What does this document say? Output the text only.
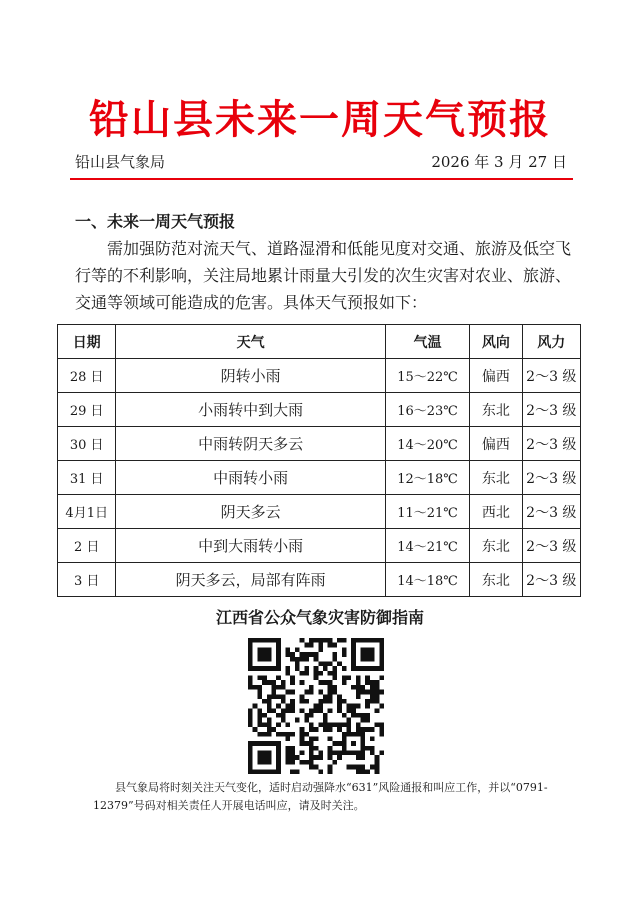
铅山县未来一周天气预报
铅山县气象局	2026 年 3 月 27 日
一、未来一周天气预报
需加强防范对流天气、道路湿滑和低能见度对交通、旅游及低空飞行等的不利影响，关注局地累计雨量大引发的次生灾害对农业、旅游、交通等领域可能造成的危害。具体天气预报如下：
日期	天气	气温	风向	风力
28 日	阴转小雨	15～22℃	偏西	2～3 级
29 日	小雨转中到大雨	16～23℃	东北	2～3 级
30 日	中雨转阴天多云	14～20℃	偏西	2～3 级
31 日	中雨转小雨	12～18℃	东北	2～3 级
4月1日	阴天多云	11～21℃	西北	2～3 级
2 日	中到大雨转小雨	14～21℃	东北	2～3 级
3 日	阴天多云，局部有阵雨	14～18℃	东北	2～3 级
江西省公众气象灾害防御指南
县气象局将时刻关注天气变化，适时启动强降水“631”风险通报和叫应工作，并以“0791-12379”号码对相关责任人开展电话叫应，请及时关注。
